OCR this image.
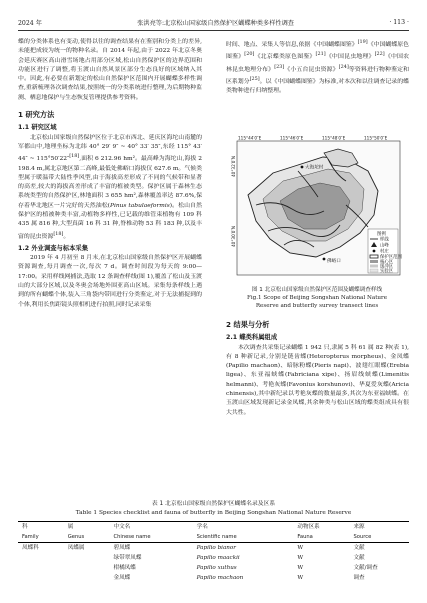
2024 年	张洪亮等:北京松山国家级自然保护区蝴蝶种类多样性调查	· 113 ·

蝶的分类体系也有变动,使得以往的调查结果有在鉴别和分类上的差异,未能把成较为统一的物种名录。自 2014 年起,由于 2022 年北京冬奥会延庆赛区高山滑雪场地占用部分区域,松山自然保护区的边界范围和功能区进行了调整,将玉渡山自然风景区部分生态良好的区域纳入其中。因此,有必要在新划定的松山自然保护区范围内开展蝴蝶多样性调查,重新梳理各次调查结果,按照统一的分类系统进行整理,为后期物种监测、栖息地保护与生态恢复管理提供参考资料。

1 研究方法
1.1 研究区域

北京松山国家级自然保护区位于北京市西北、延庆区海坨山南麓的军都山中,地理坐标为北纬 40° 29′ 9″ ~ 40° 33′ 35″,东经 115° 43′ 44″ ~ 115°50′22″[18],面积 6 212.96 hm²。最高峰为海坨山,海拔 2 198.4 m,属北京地区第二高峰,最低处佛峪口海拔仅 627.6 m。气候类型属于暖温带大陆性季风型,由于海拔高差形成了不同的气候带和显著的高差,较大的海拔高差形成了丰富的植被类型。保护区属于森林生态系统类型的自然保护区,林地面积 3 655 hm²,森林覆盖率达 87.6%,保存着华北地区一片完好的天然油松(Pinus tabulaeformis)。松山自然保护区的植被种类丰富,动植物多样性,已记载的维管束植物有 109 科 435 属 816 种,大型真菌 16 科 31 种,脊椎动物 53 科 183 种,以及丰富的昆虫资源[18]。

1.2 外业调查与标本采集

2019 年 4 月初至 8 月末,在北京松山国家级自然保护区开展蝴蝶资源调查,每月调查一次,每次 7 d。调查时间段为每天的 9:00—17:00。采用样线网捕法,选取 12 条调查样线(图 1),覆盖了松山及玉渡山的大部分区域,以及冬奥会场地外围亚高山区域。采集每条样线上遇到的所有蝴蝶个体,装入三角袋内带回进行分类鉴定,对于无法捕捉到的个体,利用长焦距镜头照相机进行拍照,同时记录采集

时间、地点、采集人等信息,依据《中国蝴蝶图鉴》[19]《中国蝴蝶原色图鉴》[20]《北京蝶类原色图鉴》[21]《中国昆虫地理》[22]《中国农林昆虫地理分布》[23]《小五台昆虫资源》[24]等资料进行物种鉴定和区系划分[25]。以《中国蝴蝶图鉴》为标准,对本次和以往调查记录的蝶类物种进行归纳整理。

115°44′0″E	115°46′0″E	115°48′0″E	115°50′0″E
40°32′0″N
40°30′0″N
大海坨村
佛峪口
图例
样线
山峰
村庄
保护区范围
核心区
缓冲区
实验区
图 1 北京松山国家级自然保护区范围及蝴蝶调查样线
Fig.1 Scope of Beijing Songshan National Nature
Reserve and butterfly survey transect lines
2 结果与分析
2.1 蝶类科属组成

本次调查共采集记录蝴蝶 1 942 只,隶属 5 科 61 属 82 种(表 1),有 8 种新记录,分别是链齿蝶(Heteropterus morpheus)、金凤蝶(Papilio machaon)、暗脉粉蝶(Pieris napi)、波翅红眼蝶(Erebia ligea)、东亚福蛱蝶(Fabriciana xipe)、扬眉线蛱蝶(Limenitis helmanni)、考艳灰蝶(Favonius korshunovi)、华夏爱灰蝶(Aricia chinensis),其中新纪录以考艳灰蝶的数量最多,其次为东亚福蛱蝶。在玉渡山区域发现新记录金凤蝶,其余种类与松山区域的蝶类组成具有很大共性。

表 1 北京松山国家级自然保护区蝴蝶名录及区系
Table 1 Species checklist and fauna of butterfly in Beijing Songshan National Nature Reserve
科	属	中文名	学名	动物区系	来源
Family	Genus	Chinese name	Scientific name	Fauna	Source
凤蝶科	凤蝶属	碧凤蝶	Papilio bianor	W	文献
		绿带翠凤蝶	Papilio maackii	W	文献
		柑橘凤蝶	Papilio xuthus	W	文献/调查
		金凤蝶	Papilio machaon	W	调查
